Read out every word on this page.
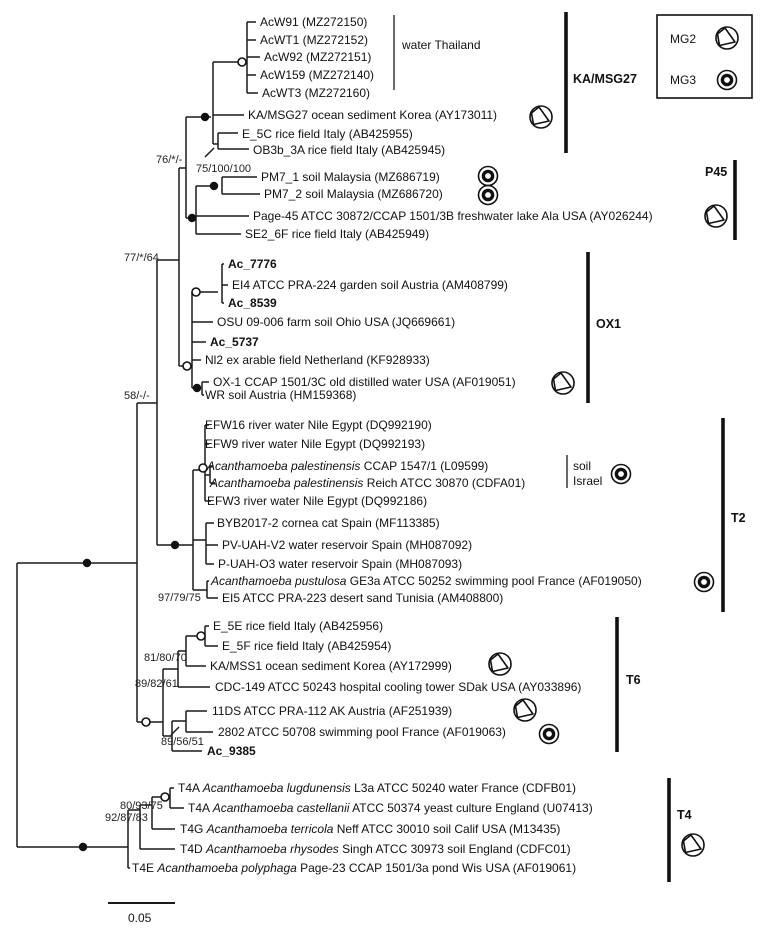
AcW91 (MZ272150)
AcWT1 (MZ272152)
AcW92 (MZ272151)
AcW159 (MZ272140)
AcWT3 (MZ272160)
KA/MSG27 ocean sediment Korea (AY173011)
E_5C rice field Italy (AB425955)
OB3b_3A rice field Italy (AB425945)
PM7_1 soil Malaysia (MZ686719)
PM7_2 soil Malaysia (MZ686720)
Page-45 ATCC 30872/CCAP 1501/3B freshwater lake Ala USA (AY026244)
SE2_6F rice field Italy (AB425949)
Ac_7776
EI4 ATCC PRA-224 garden soil Austria (AM408799)
Ac_8539
OSU 09-006 farm soil Ohio USA (JQ669661)
Ac_5737
Nl2 ex arable field Netherland (KF928933)
OX-1 CCAP 1501/3C old distilled water USA (AF019051)
WR soil Austria (HM159368)
EFW16 river water Nile Egypt (DQ992190)
EFW9 river water Nile Egypt (DQ992193)
Acanthamoeba palestinensis CCAP 1547/1 (L09599)
Acanthamoeba palestinensis Reich ATCC 30870 (CDFA01)
EFW3 river water Nile Egypt (DQ992186)
BYB2017-2 cornea cat Spain (MF113385)
PV-UAH-V2 water reservoir Spain (MH087092)
P-UAH-O3 water reservoir Spain (MH087093)
Acanthamoeba pustulosa GE3a ATCC 50252 swimming pool France (AF019050)
EI5 ATCC PRA-223 desert sand Tunisia (AM408800)
E_5E rice field Italy (AB425956)
E_5F rice field Italy (AB425954)
KA/MSS1 ocean sediment Korea (AY172999)
CDC-149 ATCC 50243 hospital cooling tower SDak USA (AY033896)
11DS ATCC PRA-112 AK Austria (AF251939)
2802 ATCC 50708 swimming pool France (AF019063)
Ac_9385
T4A Acanthamoeba lugdunensis L3a ATCC 50240 water France (CDFB01)
T4A Acanthamoeba castellanii ATCC 50374 yeast culture England (U07413)
T4G Acanthamoeba terricola Neff ATCC 30010 soil Calif USA (M13435)
T4D Acanthamoeba rhysodes Singh ATCC 30973 soil England (CDFC01)
T4E Acanthamoeba polyphaga Page-23 CCAP 1501/3a pond Wis USA (AF019061)
76/*/-
75/100/100
77/*/64
58/-/-
97/79/75
81/80/70
89/82/61
89/56/51
80/93/75
92/87/83
water Thailand
soil
Israel
KA/MSG27
P45
OX1
T2
T6
T4
MG2
MG3
0.05
